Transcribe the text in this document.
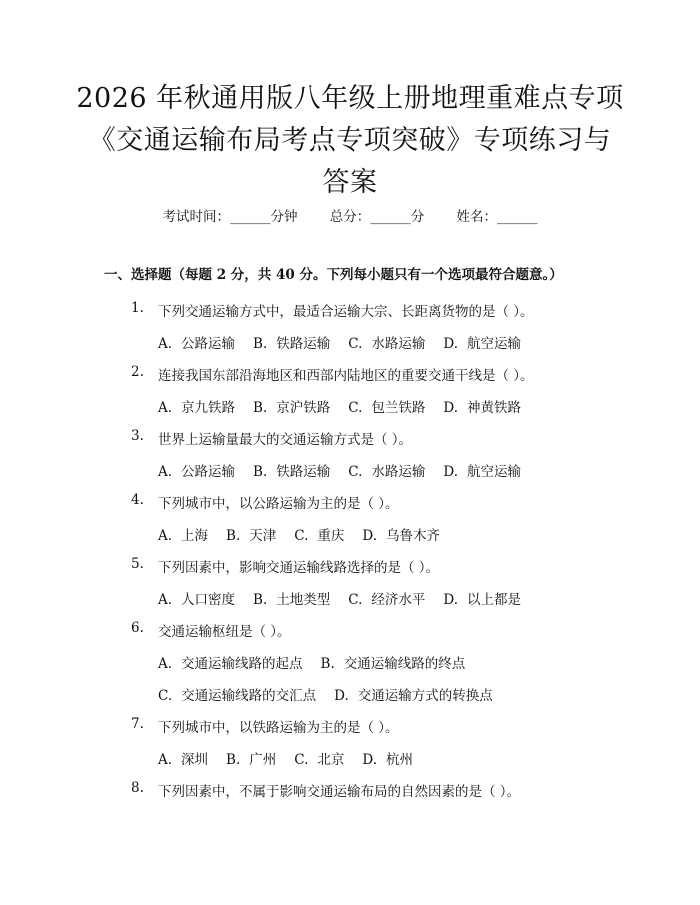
2026 年秋通用版八年级上册地理重难点专项
《交通运输布局考点专项突破》专项练习与
答案
考试时间：______分钟 总分：______分 姓名：______
一、选择题（每题 2 分，共 40 分。下列每小题只有一个选项最符合题意。）
1. 下列交通运输方式中，最适合运输大宗、长距离货物的是（ ）。
A. 公路运输 B. 铁路运输 C. 水路运输 D. 航空运输
2. 连接我国东部沿海地区和西部内陆地区的重要交通干线是（ ）。
A. 京九铁路 B. 京沪铁路 C. 包兰铁路 D. 神黄铁路
3. 世界上运输量最大的交通运输方式是（ ）。
A. 公路运输 B. 铁路运输 C. 水路运输 D. 航空运输
4. 下列城市中，以公路运输为主的是（ ）。
A. 上海 B. 天津 C. 重庆 D. 乌鲁木齐
5. 下列因素中，影响交通运输线路选择的是（ ）。
A. 人口密度 B. 土地类型 C. 经济水平 D. 以上都是
6. 交通运输枢纽是（ ）。
A. 交通运输线路的起点 B. 交通运输线路的终点
C. 交通运输线路的交汇点 D. 交通运输方式的转换点
7. 下列城市中，以铁路运输为主的是（ ）。
A. 深圳 B. 广州 C. 北京 D. 杭州
8. 下列因素中，不属于影响交通运输布局的自然因素的是（ ）。
